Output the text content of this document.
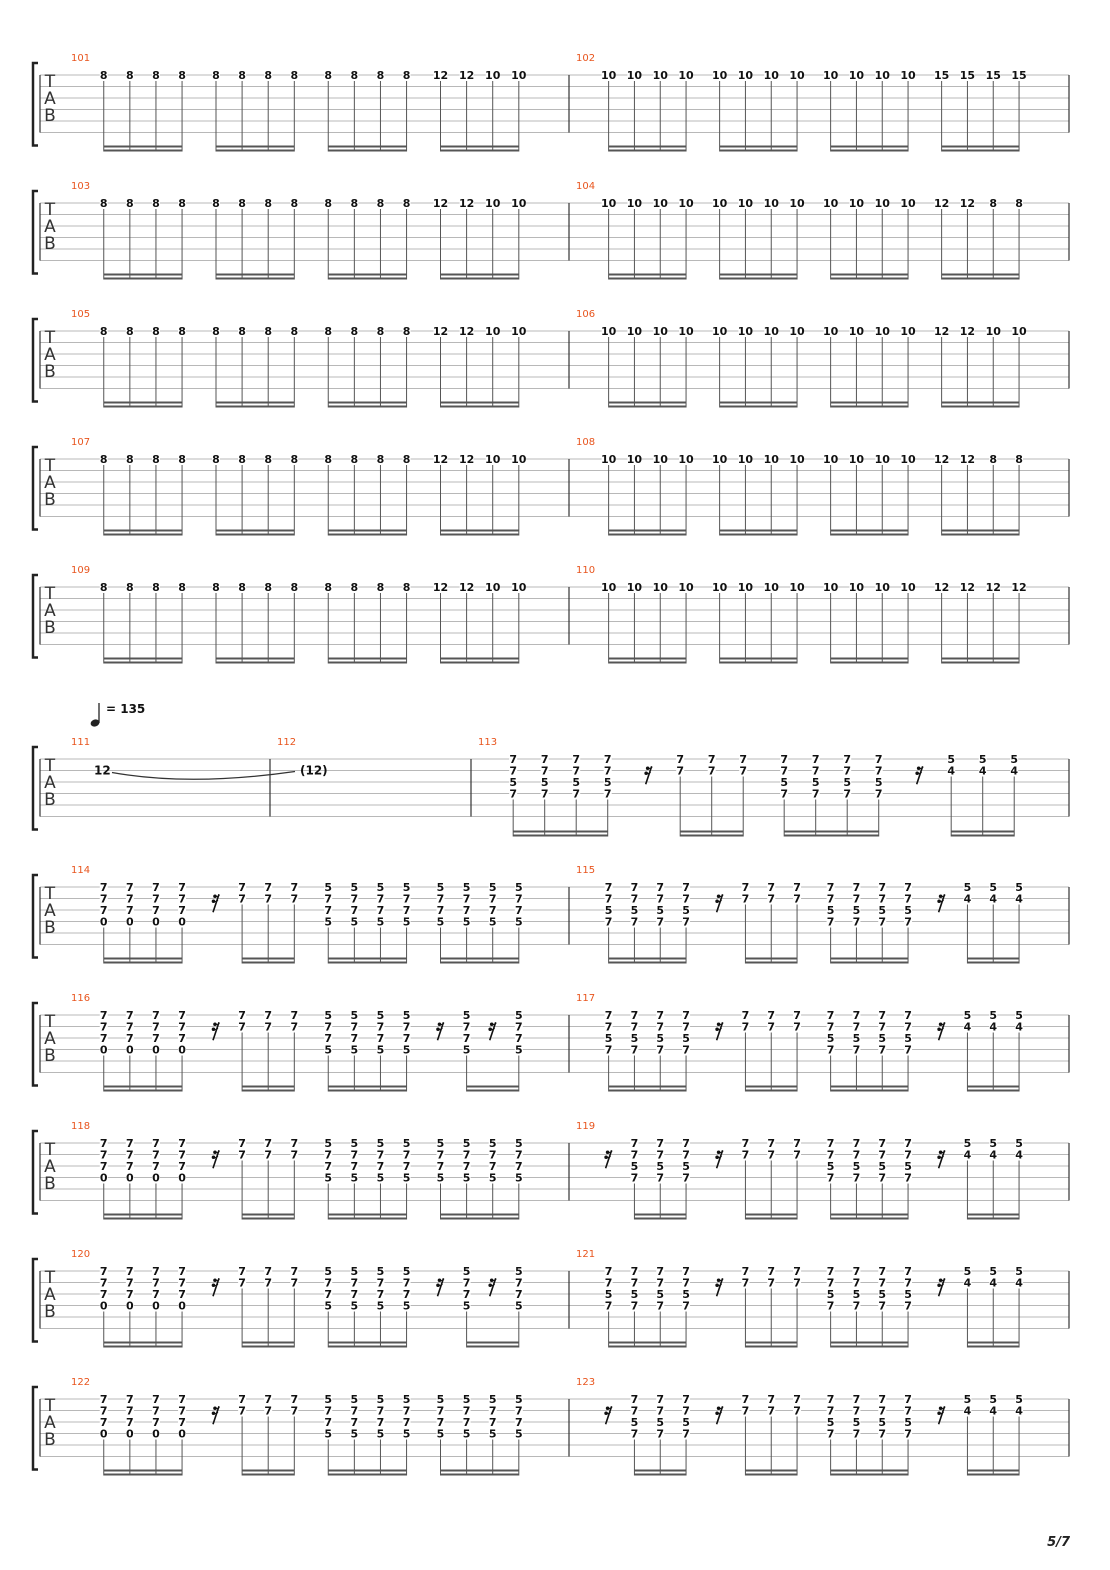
T
A
B
101
8 8 8 8 8 8 8 8 8 8 8 8 12 12 10 10
102
10 10 10 10 10 10 10 10 10 10 10 10 15 15 15 15
T
A
B
103
8 8 8 8 8 8 8 8 8 8 8 8 12 12 10 10
104
10 10 10 10 10 10 10 10 10 10 10 10 12 12 8 8
T
A
B
105
8 8 8 8 8 8 8 8 8 8 8 8 12 12 10 10
106
10 10 10 10 10 10 10 10 10 10 10 10 12 12 10 10
T
A
B
107
8 8 8 8 8 8 8 8 8 8 8 8 12 12 10 10
108
10 10 10 10 10 10 10 10 10 10 10 10 12 12 8 8
T
A
B
109
8 8 8 8 8 8 8 8 8 8 8 8 12 12 10 10
110
10 10 10 10 10 10 10 10 10 10 10 10 12 12 12 12
T
A
B
= 135
111
12
112
(12)
113
7
7
5
7
7
7
5
7
7
7
5
7
7
7
5
7
7
7
7
7
7
7
7
7
5
7
7
7
5
7
7
7
5
7
7
7
5
7
5
4
5
4
5
4
T
A
B
114
7
7
7
0
7
7
7
0
7
7
7
0
7
7
7
0
7
7
7
7
7
7
5
7
7
5
5
7
7
5
5
7
7
5
5
7
7
5
5
7
7
5
5
7
7
5
5
7
7
5
5
7
7
5
115
7
7
5
7
7
7
5
7
7
7
5
7
7
7
5
7
7
7
7
7
7
7
7
7
5
7
7
7
5
7
7
7
5
7
7
7
5
7
5
4
5
4
5
4
T
A
B
116
7
7
7
0
7
7
7
0
7
7
7
0
7
7
7
0
7
7
7
7
7
7
5
7
7
5
5
7
7
5
5
7
7
5
5
7
7
5
5
7
7
5
5
7
7
5
117
7
7
5
7
7
7
5
7
7
7
5
7
7
7
5
7
7
7
7
7
7
7
7
7
5
7
7
7
5
7
7
7
5
7
7
7
5
7
5
4
5
4
5
4
T
A
B
118
7
7
7
0
7
7
7
0
7
7
7
0
7
7
7
0
7
7
7
7
7
7
5
7
7
5
5
7
7
5
5
7
7
5
5
7
7
5
5
7
7
5
5
7
7
5
5
7
7
5
5
7
7
5
119
7
7
5
7
7
7
5
7
7
7
5
7
7
7
7
7
7
7
7
7
5
7
7
7
5
7
7
7
5
7
7
7
5
7
5
4
5
4
5
4
T
A
B
120
7
7
7
0
7
7
7
0
7
7
7
0
7
7
7
0
7
7
7
7
7
7
5
7
7
5
5
7
7
5
5
7
7
5
5
7
7
5
5
7
7
5
5
7
7
5
121
7
7
5
7
7
7
5
7
7
7
5
7
7
7
5
7
7
7
7
7
7
7
7
7
5
7
7
7
5
7
7
7
5
7
7
7
5
7
5
4
5
4
5
4
T
A
B
122
7
7
7
0
7
7
7
0
7
7
7
0
7
7
7
0
7
7
7
7
7
7
5
7
7
5
5
7
7
5
5
7
7
5
5
7
7
5
5
7
7
5
5
7
7
5
5
7
7
5
5
7
7
5
123
7
7
5
7
7
7
5
7
7
7
5
7
7
7
7
7
7
7
7
7
5
7
7
7
5
7
7
7
5
7
7
7
5
7
5
4
5
4
5
4
5/7
